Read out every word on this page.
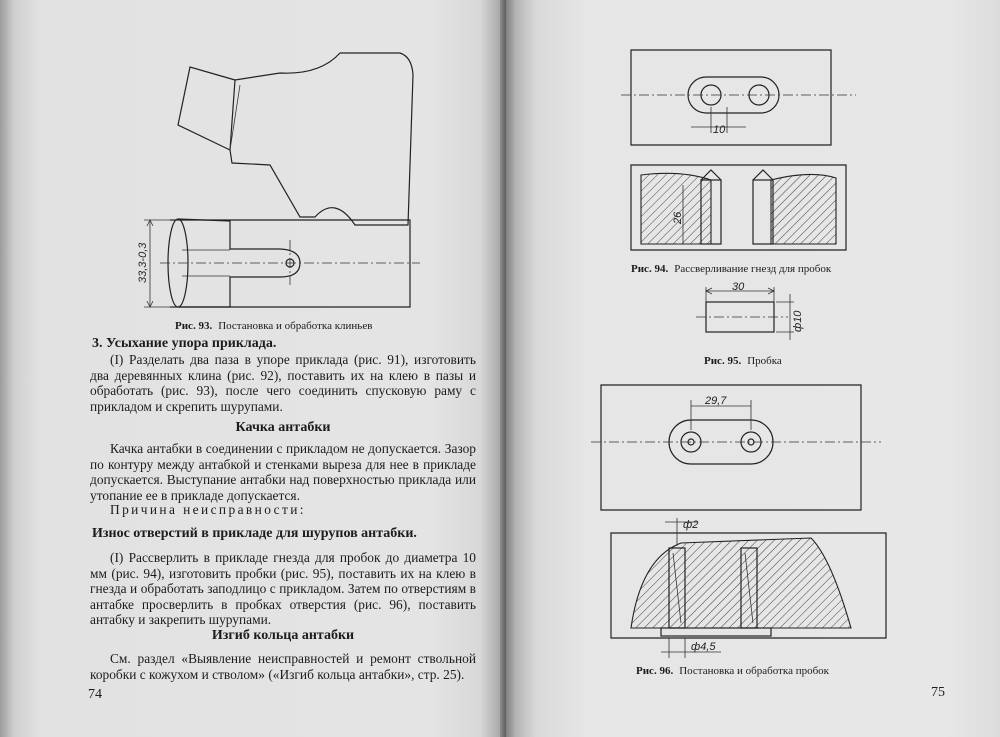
33,3-0,3
Рис. 93. Постановка и обработка клиньев
3. Усыхание упора приклада.
(І) Разделать два паза в упоре приклада (рис. 91), изготовить два деревянных клина (рис. 92), поставить их на клею в пазы и обработать (рис. 93), после чего соединить спусковую раму с прикладом и скрепить шурупами.
Качка антабки
Качка антабки в соединении с прикладом не допускается. Зазор по контуру между антабкой и стенками выреза для нее в прикладе допускается. Выступание антабки над поверхностью приклада или утопание ее в прикладе допускается.
Причина неисправности:
Износ отверстий в прикладе для шурупов антабки.
(І) Рассверлить в прикладе гнезда для пробок до диаметра 10 мм (рис. 94), изготовить пробки (рис. 95), поставить их на клею в гнезда и обработать заподлицо с прикладом. Затем по отверстиям в антабке просверлить в пробках отверстия (рис. 96), поставить антабку и закрепить шурупами.
Изгиб кольца антабки
См. раздел «Выявление неисправностей и ремонт ствольной коробки с кожухом и стволом» («Изгиб кольца антабки», стр. 25).
74
10
26
Рис. 94. Рассверливание гнезд для пробок
30
ф10
Рис. 95. Пробка
29,7
ф2
ф4,5
Рис. 96. Постановка и обработка пробок
75
